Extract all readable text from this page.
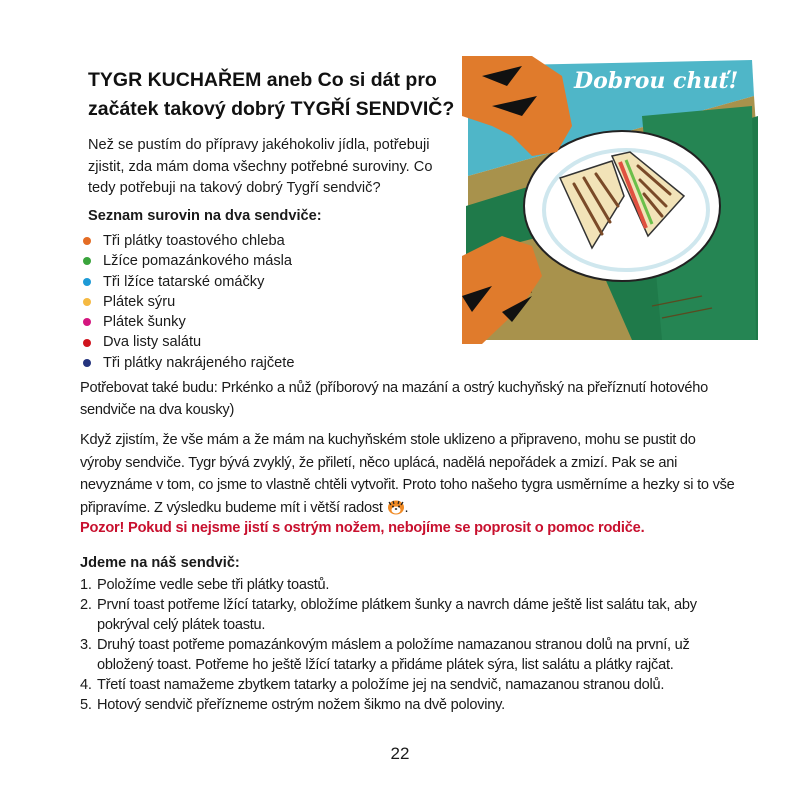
TYGR KUCHAŘEM aneb Co si dát pro začátek takový dobrý TYGŘÍ SENDVIČ?
Než se pustím do přípravy jakéhokoliv jídla, potřebuji zjistit, zda mám doma všechny potřebné suroviny. Co tedy potřebuji na takový dobrý Tygří sendvič?
Seznam surovin na dva sendviče:
Tři plátky toastového chleba
Lžíce pomazánkového másla
Tři lžíce tatarské omáčky
Plátek sýru
Plátek šunky
Dva listy salátu
Tři plátky nakrájeného rajčete
Potřebovat také budu: Prkénko a nůž (příborový na mazání a ostrý kuchyňský na přeříznutí hotového sendviče na dva kousky)
Když zjistím, že vše mám a že mám na kuchyňském stole uklizeno a připraveno, mohu se pustit do výroby sendviče. Tygr bývá zvyklý, že přiletí, něco uplácá, nadělá nepořádek a zmizí. Pak se ani nevyznáme v tom, co jsme to vlastně chtěli vytvořit. Proto toho našeho tygra usměrníme a hezky si to vše připravíme. Z výsledku budeme mít i větší radost .
Pozor! Pokud si nejsme jistí s ostrým nožem, nebojíme se poprosit o pomoc rodiče.
Jdeme na náš sendvič:
1. Položíme vedle sebe tři plátky toastů.
2. První toast potřeme lžící tatarky, obložíme plátkem šunky a navrch dáme ještě list salátu tak, aby pokrýval celý plátek toastu.
3. Druhý toast potřeme pomazánkovým máslem a položíme namazanou stranou dolů na první, už obložený toast. Potřeme ho ještě lžící tatarky a přidáme plátek sýra, list salátu a plátky rajčat.
4. Třetí toast namažeme zbytkem tatarky a položíme jej na sendvič, namazanou stranou dolů.
5. Hotový sendvič přeřízneme ostrým nožem šikmo na dvě poloviny.
22
Dobrou chuť!
